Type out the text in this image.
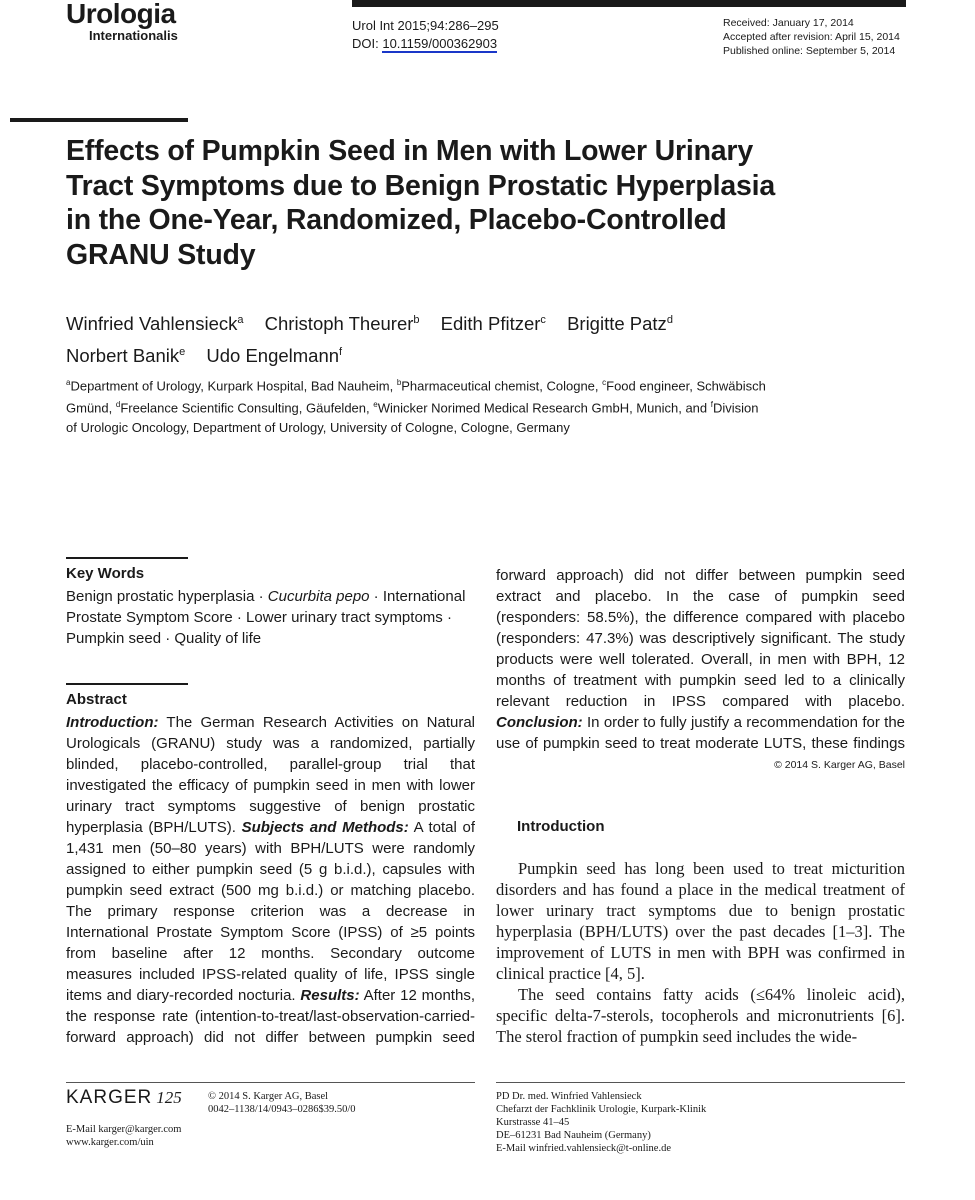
Urologia
Internationalis
Urol Int 2015;94:286–295
DOI: 10.1159/000362903
Received: January 17, 2014
Accepted after revision: April 15, 2014
Published online: September 5, 2014
Effects of Pumpkin Seed in Men with Lower Urinary Tract Symptoms due to Benign Prostatic Hyperplasia in the One-Year, Randomized, Placebo-Controlled GRANU Study
Winfried Vahlensieck$^a$ Christoph Theurer$^b$ Edith Pfitzer$^c$ Brigitte Patz$^d$
Norbert Banik$^e$ Udo Engelmann$^f$
$^a$Department of Urology, Kurpark Hospital, Bad Nauheim, $^b$Pharmaceutical chemist, Cologne, $^c$Food engineer, Schwäbisch Gmünd, $^d$Freelance Scientific Consulting, Gäufelden, $^e$Winicker Norimed Medical Research GmbH, Munich, and $^f$Division of Urologic Oncology, Department of Urology, University of Cologne, Cologne, Germany
Key Words
Benign prostatic hyperplasia · Cucurbita pepo · International Prostate Symptom Score · Lower urinary tract symptoms · Pumpkin seed · Quality of life
Abstract
Introduction: The German Research Activities on Natural Urologicals (GRANU) study was a randomized, partially blinded, placebo-controlled, parallel-group trial that investigated the efficacy of pumpkin seed in men with lower urinary tract symptoms suggestive of benign prostatic hyperplasia (BPH/LUTS). Subjects and Methods: A total of 1,431 men (50–80 years) with BPH/LUTS were randomly assigned to either pumpkin seed (5 g b.i.d.), capsules with pumpkin seed extract (500 mg b.i.d.) or matching placebo. The primary response criterion was a decrease in International Prostate Symptom Score (IPSS) of ≥5 points from baseline after 12 months. Secondary outcome measures included IPSS-related quality of life, IPSS single items and diary-recorded nocturia. Results: After 12 months, the response rate (intention-to-treat/last-observation-carried-forward approach) did not differ between pumpkin seed
forward approach) did not differ between pumpkin seed extract and placebo. In the case of pumpkin seed (responders: 58.5%), the difference compared with placebo (responders: 47.3%) was descriptively significant. The study products were well tolerated. Overall, in men with BPH, 12 months of treatment with pumpkin seed led to a clinically relevant reduction in IPSS compared with placebo. Conclusion: In order to fully justify a recommendation for the use of pumpkin seed to treat moderate LUTS, these findings
© 2014 S. Karger AG, Basel
Introduction

Pumpkin seed has long been used to treat micturition disorders and has found a place in the medical treatment of lower urinary tract symptoms due to benign prostatic hyperplasia (BPH/LUTS) over the past decades [1–3]. The improvement of LUTS in men with BPH was confirmed in clinical practice [4, 5].

The seed contains fatty acids (≤64% linoleic acid), specific delta-7-sterols, tocopherols and micronutrients [6]. The sterol fraction of pumpkin seed includes the wide-

KARGER 125	© 2014 S. Karger AG, Basel
0042–1138/14/0943–0286$39.50/0
E-Mail karger@karger.com
www.karger.com/uin
PD Dr. med. Winfried Vahlensieck
Chefarzt der Fachklinik Urologie, Kurpark-Klinik
Kurstrasse 41–45
DE–61231 Bad Nauheim (Germany)
E-Mail winfried.vahlensieck@t-online.de
